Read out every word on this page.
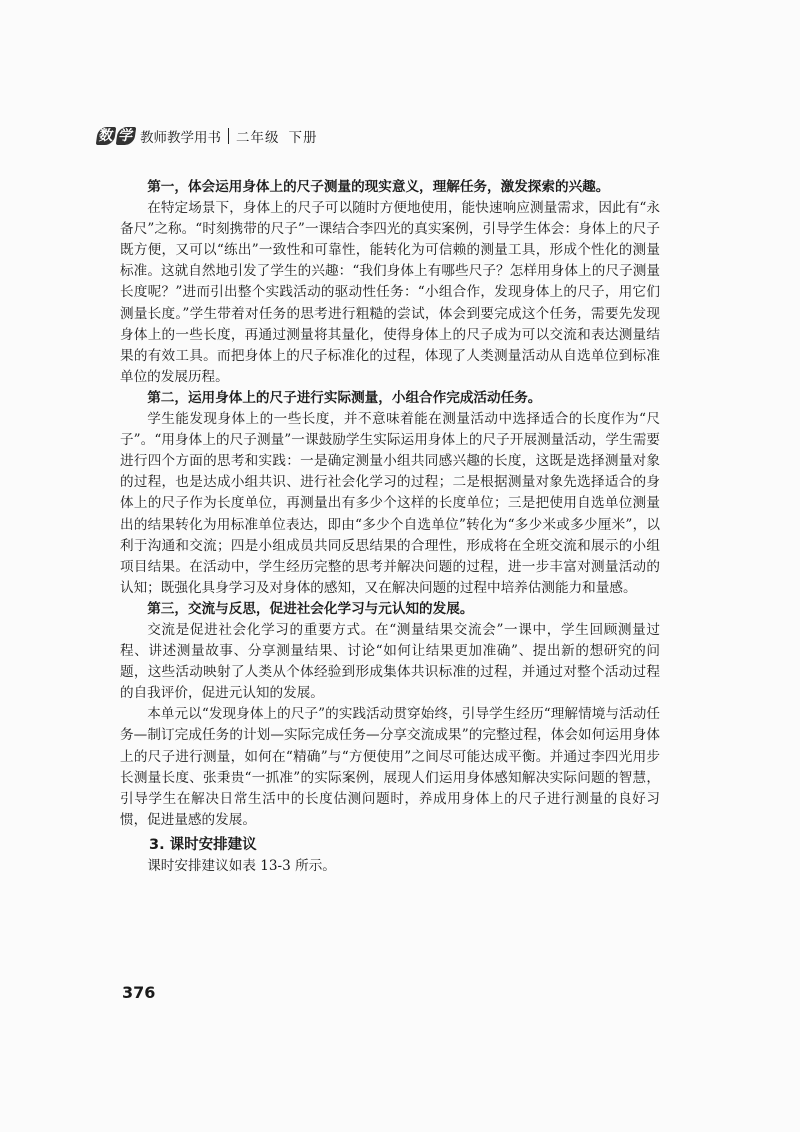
数 学 教师教学用书 二年级 下册

第一，体会运用身体上的尺子测量的现实意义，理解任务，激发探索的兴趣。

在特定场景下，身体上的尺子可以随时方便地使用，能快速响应测量需求，因此有“永备尺”之称。“时刻携带的尺子”一课结合李四光的真实案例，引导学生体会：身体上的尺子既方便，又可以“练出”一致性和可靠性，能转化为可信赖的测量工具，形成个性化的测量标准。这就自然地引发了学生的兴趣：“我们身体上有哪些尺子？怎样用身体上的尺子测量长度呢？”进而引出整个实践活动的驱动性任务：“小组合作，发现身体上的尺子，用它们测量长度。”学生带着对任务的思考进行粗糙的尝试，体会到要完成这个任务，需要先发现身体上的一些长度，再通过测量将其量化，使得身体上的尺子成为可以交流和表达测量结果的有效工具。而把身体上的尺子标准化的过程，体现了人类测量活动从自选单位到标准单位的发展历程。

第二，运用身体上的尺子进行实际测量，小组合作完成活动任务。

学生能发现身体上的一些长度，并不意味着能在测量活动中选择适合的长度作为“尺子”。“用身体上的尺子测量”一课鼓励学生实际运用身体上的尺子开展测量活动，学生需要进行四个方面的思考和实践：一是确定测量小组共同感兴趣的长度，这既是选择测量对象的过程，也是达成小组共识、进行社会化学习的过程；二是根据测量对象先选择适合的身体上的尺子作为长度单位，再测量出有多少个这样的长度单位；三是把使用自选单位测量出的结果转化为用标准单位表达，即由“多少个自选单位”转化为“多少米或多少厘米”，以利于沟通和交流；四是小组成员共同反思结果的合理性，形成将在全班交流和展示的小组项目结果。在活动中，学生经历完整的思考并解决问题的过程，进一步丰富对测量活动的认知；既强化具身学习及对身体的感知，又在解决问题的过程中培养估测能力和量感。

第三，交流与反思，促进社会化学习与元认知的发展。

交流是促进社会化学习的重要方式。在“测量结果交流会”一课中，学生回顾测量过程、讲述测量故事、分享测量结果、讨论“如何让结果更加准确”、提出新的想研究的问题，这些活动映射了人类从个体经验到形成集体共识标准的过程，并通过对整个活动过程的自我评价，促进元认知的发展。

本单元以“发现身体上的尺子”的实践活动贯穿始终，引导学生经历“理解情境与活动任务—制订完成任务的计划—实际完成任务—分享交流成果”的完整过程，体会如何运用身体上的尺子进行测量，如何在“精确”与“方便使用”之间尽可能达成平衡。并通过李四光用步长测量长度、张秉贵“一抓准”的实际案例，展现人们运用身体感知解决实际问题的智慧，引导学生在解决日常生活中的长度估测问题时，养成用身体上的尺子进行测量的良好习惯，促进量感的发展。

3. 课时安排建议

课时安排建议如表 13-3 所示。

376
